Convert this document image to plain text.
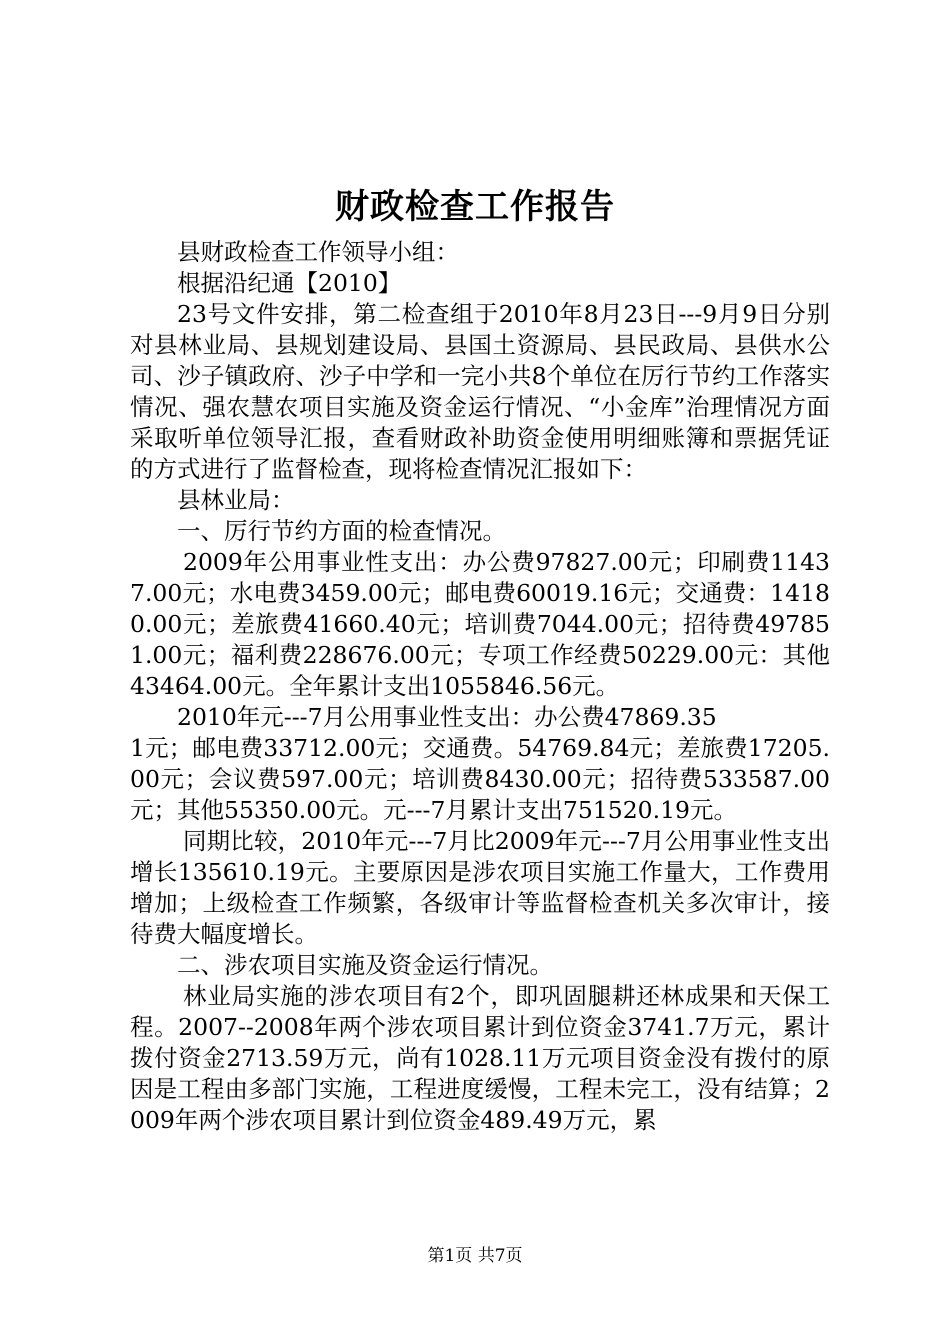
财政检查工作报告

县财政检查工作领导小组：

根据沿纪通【2010】

23号文件安排，第二检查组于2010年8月23日---9月9日分别对县林业局、县规划建设局、县国土资源局、县民政局、县供水公司、沙子镇政府、沙子中学和一完小共8个单位在厉行节约工作落实情况、强农慧农项目实施及资金运行情况、“小金库”治理情况方面采取听单位领导汇报，查看财政补助资金使用明细账簿和票据凭证的方式进行了监督检查，现将检查情况汇报如下：

县林业局：

一、厉行节约方面的检查情况。

2009年公用事业性支出：办公费97827.00元；印刷费11437.00元；水电费3459.00元；邮电费60019.16元；交通费：14180.00元；差旅费41660.40元；培训费7044.00元；招待费497851.00元；福利费228676.00元；专项工作经费50229.00元：其他43464.00元。全年累计支出1055846.56元。

2010年元---7月公用事业性支出：办公费47869.35

1元；邮电费33712.00元；交通费。54769.84元；差旅费17205.00元；会议费597.00元；培训费8430.00元；招待费533587.00元；其他55350.00元。元---7月累计支出751520.19元。

同期比较，2010年元---7月比2009年元---7月公用事业性支出增长135610.19元。主要原因是涉农项目实施工作量大，工作费用增加；上级检查工作频繁，各级审计等监督检查机关多次审计，接待费大幅度增长。

二、涉农项目实施及资金运行情况。

林业局实施的涉农项目有2个，即巩固腿耕还林成果和天保工程。2007--2008年两个涉农项目累计到位资金3741.7万元，累计拨付资金2713.59万元，尚有1028.11万元项目资金没有拨付的原因是工程由多部门实施，工程进度缓慢，工程未完工，没有结算；2009年两个涉农项目累计到位资金489.49万元，累

第1页 共7页
